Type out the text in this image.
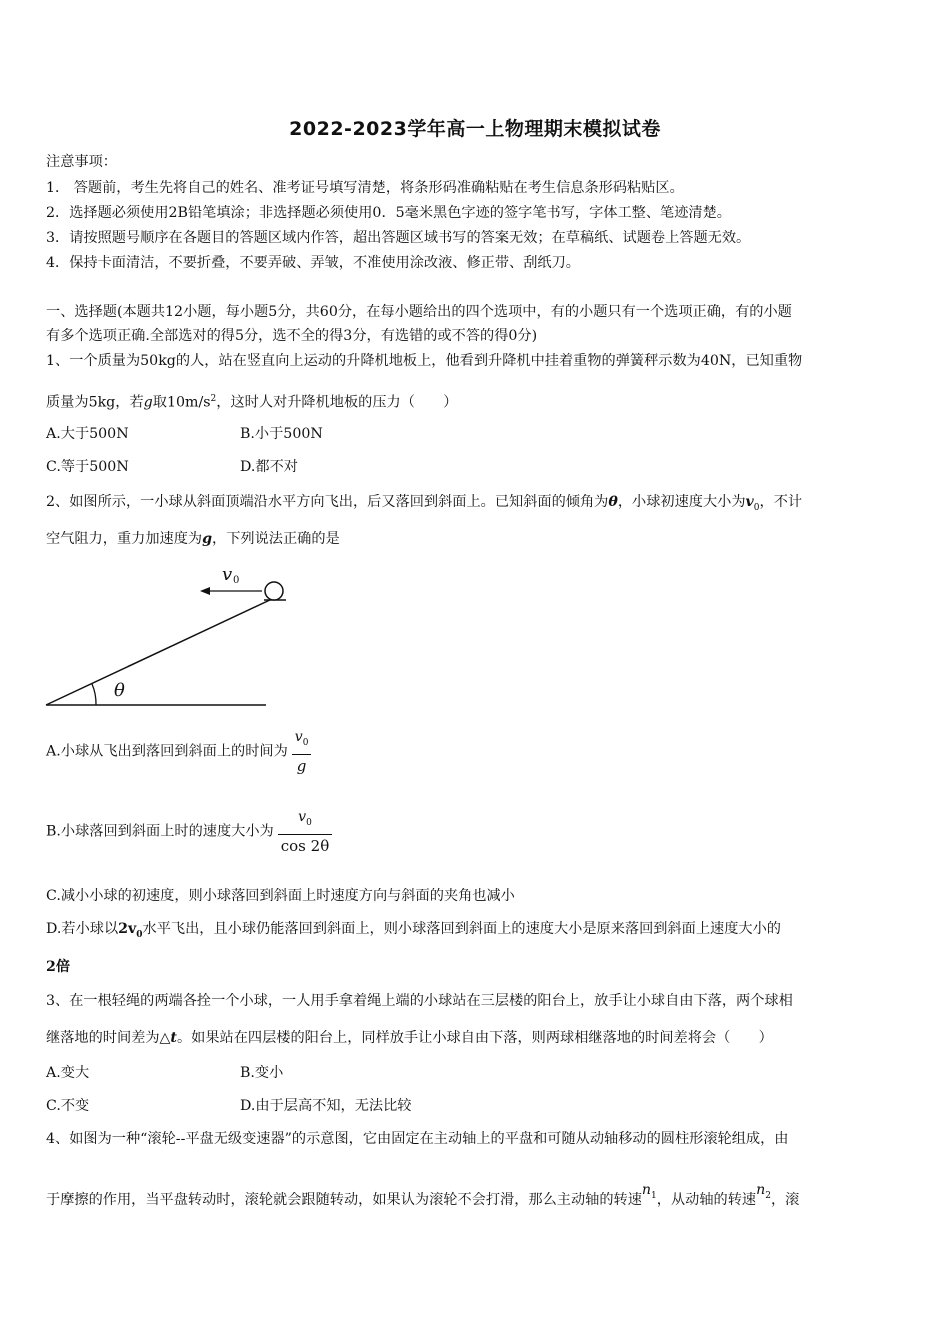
2022-2023学年高一上物理期末模拟试卷
注意事项：
1． 答题前，考生先将自己的姓名、准考证号填写清楚，将条形码准确粘贴在考生信息条形码粘贴区。
2．选择题必须使用2B铅笔填涂；非选择题必须使用0．5毫米黑色字迹的签字笔书写，字体工整、笔迹清楚。
3．请按照题号顺序在各题目的答题区域内作答，超出答题区域书写的答案无效；在草稿纸、试题卷上答题无效。
4．保持卡面清洁，不要折叠，不要弄破、弄皱，不准使用涂改液、修正带、刮纸刀。
一、选择题(本题共12小题，每小题5分，共60分，在每小题给出的四个选项中，有的小题只有一个选项正确，有的小题
有多个选项正确.全部选对的得5分，选不全的得3分，有选错的或不答的得0分)
1、一个质量为50kg的人，站在竖直向上运动的升降机地板上，他看到升降机中挂着重物的弹簧秤示数为40N，已知重物
质量为5kg，若g取$10m/s^2$，这时人对升降机地板的压力（　　）
A.大于500N	B.小于500N
C.等于500N	D.都不对
2、如图所示，一小球从斜面顶端沿水平方向飞出，后又落回到斜面上。已知斜面的倾角为θ，小球初速度大小为$v_0$，不计
空气阻力，重力加速度为g，下列说法正确的是
v 0
θ
A.小球从飞出到落回到斜面上的时间为 $\frac{v_0}{g}$
B.小球落回到斜面上时的速度大小为 $\frac{v_0}{\cos 2\theta}$
C.减小小球的初速度，则小球落回到斜面上时速度方向与斜面的夹角也减小
D.若小球以$2v_0$水平飞出，且小球仍能落回到斜面上，则小球落回到斜面上的速度大小是原来落回到斜面上速度大小的
2倍
3、在一根轻绳的两端各拴一个小球，一人用手拿着绳上端的小球站在三层楼的阳台上，放手让小球自由下落，两个球相
继落地的时间差为△t。如果站在四层楼的阳台上，同样放手让小球自由下落，则两球相继落地的时间差将会（　　）
A.变大	B.变小
C.不变	D.由于层高不知，无法比较
4、如图为一种“滚轮--平盘无级变速器”的示意图，它由固定在主动轴上的平盘和可随从动轴移动的圆柱形滚轮组成，由
于摩擦的作用，当平盘转动时，滚轮就会跟随转动，如果认为滚轮不会打滑，那么主动轴的转速$n_1$，从动轴的转速$n_2$，滚
